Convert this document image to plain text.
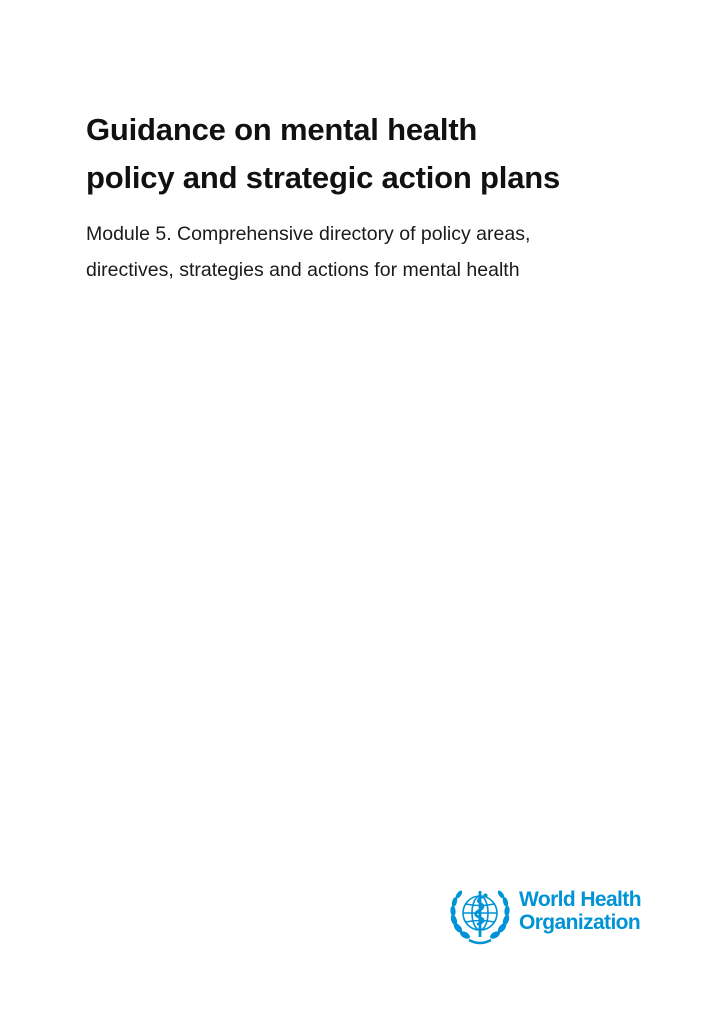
Guidance on mental health
policy and strategic action plans
Module 5. Comprehensive directory of policy areas,
directives, strategies and actions for mental health
World Health
Organization
